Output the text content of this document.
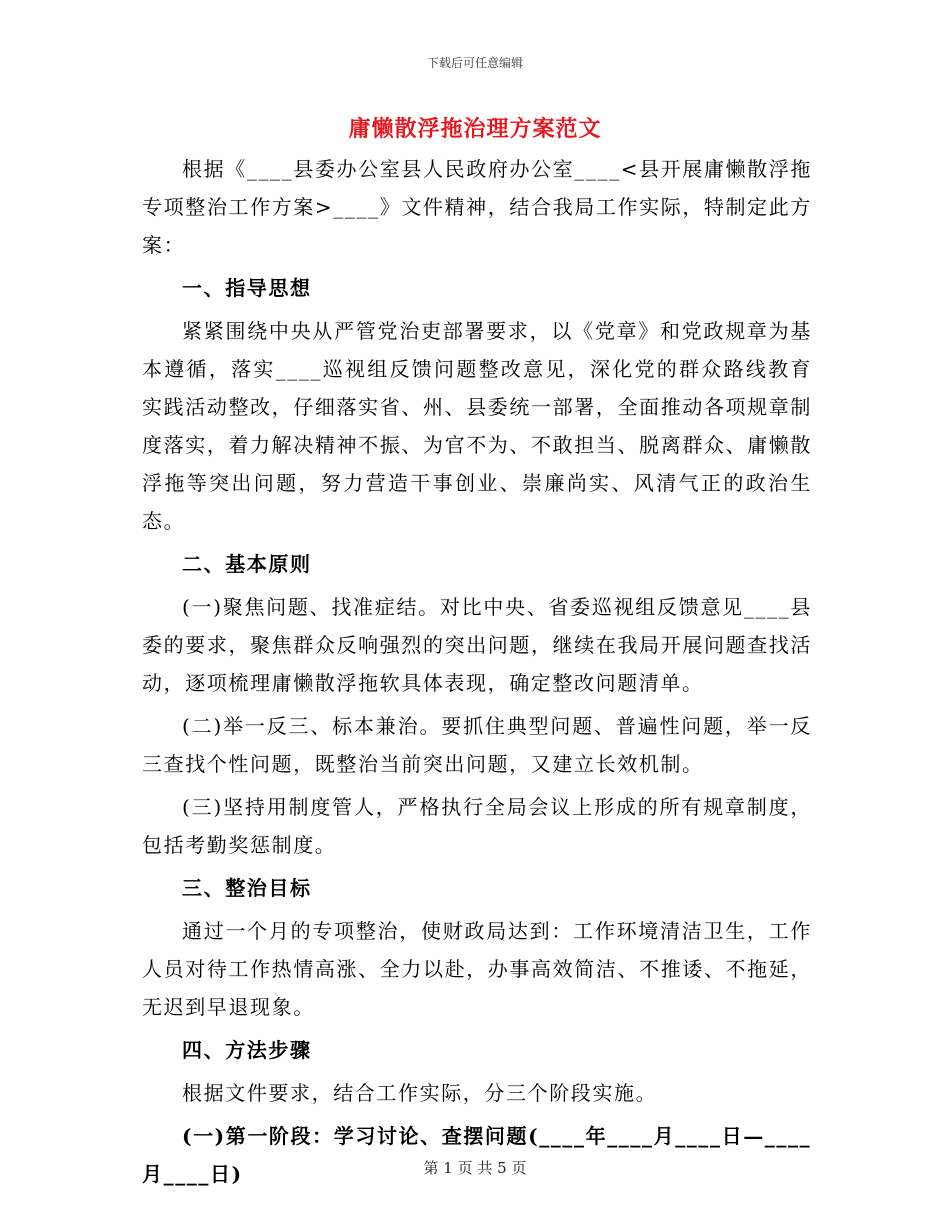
下载后可任意编辑
庸懒散浮拖治理方案范文

根据《____县委办公室县人民政府办公室____<县开展庸懒散浮拖专项整治工作方案>____》文件精神，结合我局工作实际，特制定此方案：

一、指导思想

紧紧围绕中央从严管党治吏部署要求，以《党章》和党政规章为基本遵循，落实____巡视组反馈问题整改意见，深化党的群众路线教育实践活动整改，仔细落实省、州、县委统一部署，全面推动各项规章制度落实，着力解决精神不振、为官不为、不敢担当、脱离群众、庸懒散浮拖等突出问题，努力营造干事创业、崇廉尚实、风清气正的政治生态。

二、基本原则

(一)聚焦问题、找准症结。对比中央、省委巡视组反馈意见____县委的要求，聚焦群众反响强烈的突出问题，继续在我局开展问题查找活动，逐项梳理庸懒散浮拖软具体表现，确定整改问题清单。

(二)举一反三、标本兼治。要抓住典型问题、普遍性问题，举一反三查找个性问题，既整治当前突出问题，又建立长效机制。

(三)坚持用制度管人，严格执行全局会议上形成的所有规章制度，包括考勤奖惩制度。

三、整治目标

通过一个月的专项整治，使财政局达到：工作环境清洁卫生，工作人员对待工作热情高涨、全力以赴，办事高效简洁、不推诿、不拖延，无迟到早退现象。

四、方法步骤

根据文件要求，结合工作实际，分三个阶段实施。

(一)第一阶段：学习讨论、查摆问题(____年____月____日—____月____日)	第 1 页 共 5 页
